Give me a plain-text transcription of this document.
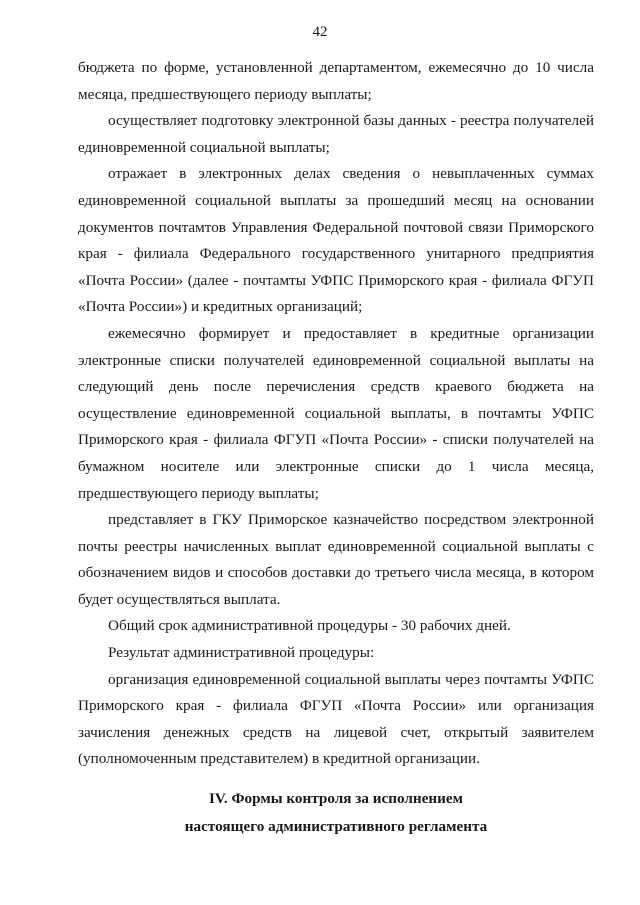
42

бюджета по форме, установленной департаментом, ежемесячно до 10 числа месяца, предшествующего периоду выплаты;

осуществляет подготовку электронной базы данных - реестра получателей единовременной социальной выплаты;

отражает в электронных делах сведения о невыплаченных суммах единовременной социальной выплаты за прошедший месяц на основании документов почтамтов Управления Федеральной почтовой связи Приморского края - филиала Федерального государственного унитарного предприятия «Почта России» (далее - почтамты УФПС Приморского края - филиала ФГУП «Почта России») и кредитных организаций;

ежемесячно формирует и предоставляет в кредитные организации электронные списки получателей единовременной социальной выплаты на следующий день после перечисления средств краевого бюджета на осуществление единовременной социальной выплаты, в почтамты УФПС Приморского края - филиала ФГУП «Почта России» - списки получателей на бумажном носителе или электронные списки до 1 числа месяца, предшествующего периоду выплаты;

представляет в ГКУ Приморское казначейство посредством электронной почты реестры начисленных выплат единовременной социальной выплаты с обозначением видов и способов доставки до третьего числа месяца, в котором будет осуществляться выплата.

Общий срок административной процедуры - 30 рабочих дней.

Результат административной процедуры:

организация единовременной социальной выплаты через почтамты УФПС Приморского края - филиала ФГУП «Почта России» или организация зачисления денежных средств на лицевой счет, открытый заявителем (уполномоченным представителем) в кредитной организации.

IV. Формы контроля за исполнением
настоящего административного регламента
